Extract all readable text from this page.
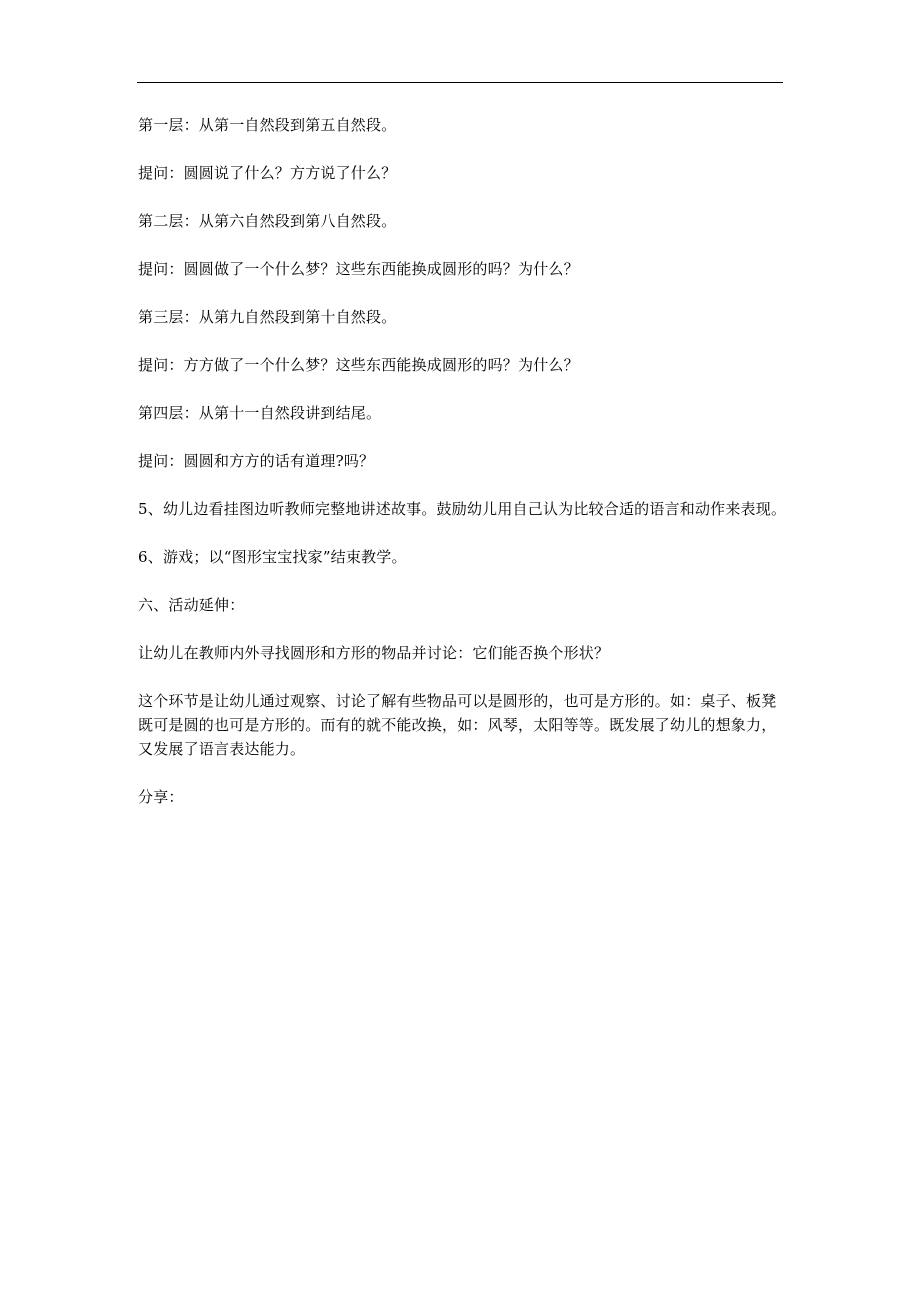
第一层：从第一自然段到第五自然段。

提问：圆圆说了什么？方方说了什么？

第二层：从第六自然段到第八自然段。

提问：圆圆做了一个什么梦？这些东西能换成圆形的吗？为什么？

第三层：从第九自然段到第十自然段。

提问：方方做了一个什么梦？这些东西能换成圆形的吗？为什么？

第四层：从第十一自然段讲到结尾。

提问：圆圆和方方的话有道理?吗？

5、幼儿边看挂图边听教师完整地讲述故事。鼓励幼儿用自己认为比较合适的语言和动作来表现。

6、游戏；以“图形宝宝找家”结束教学。

六、活动延伸：

让幼儿在教师内外寻找圆形和方形的物品并讨论：它们能否换个形状？

这个环节是让幼儿通过观察、讨论了解有些物品可以是圆形的，也可是方形的。如：桌子、板凳既可是圆的也可是方形的。而有的就不能改换，如：风琴，太阳等等。既发展了幼儿的想象力，又发展了语言表达能力。

分享：
